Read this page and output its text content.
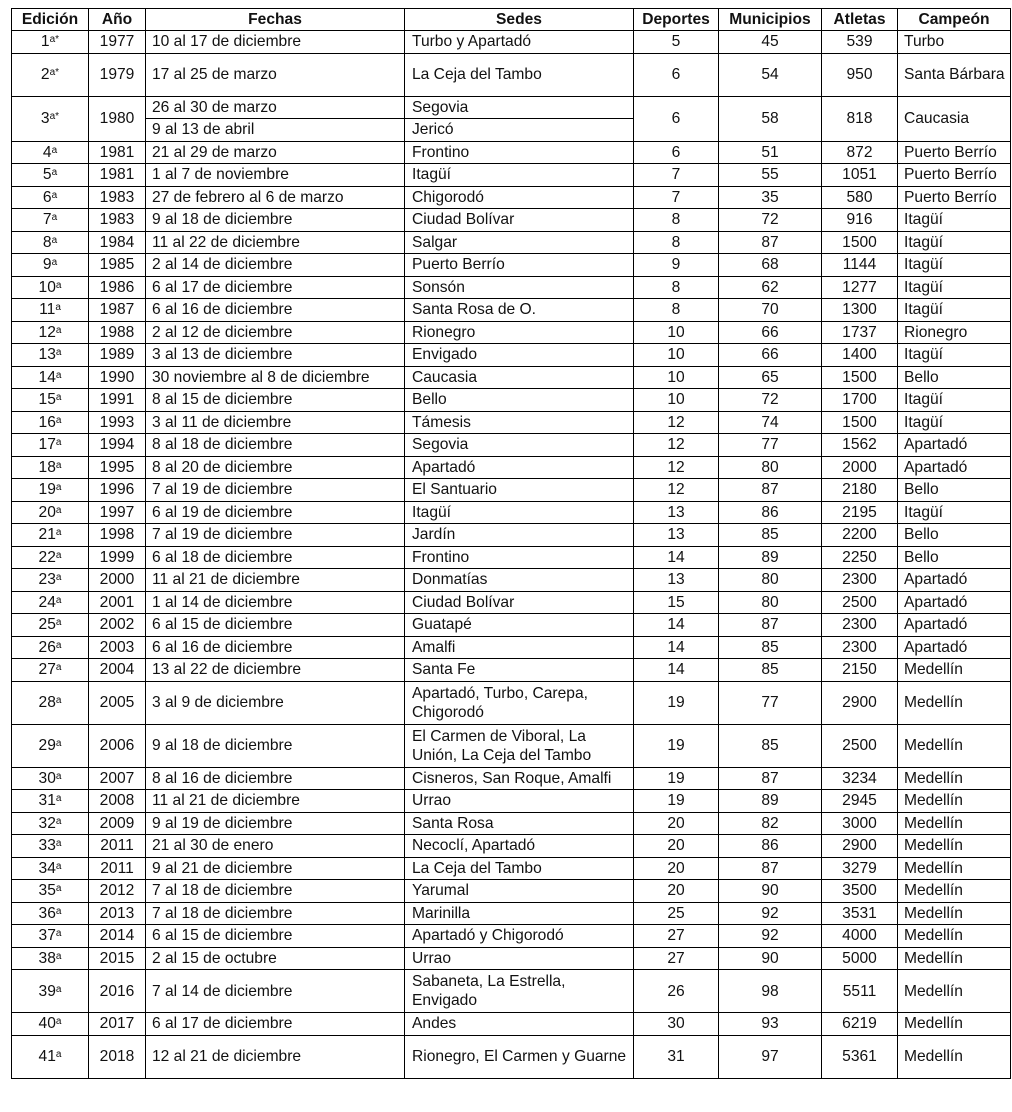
Edición	Año	Fechas	Sedes	Deportes	Municipios	Atletas	Campeón
$1^{a*}$	1977	10 al 17 de diciembre	Turbo y Apartadó	5	45	539	Turbo
$2^{a*}$	1979	17 al 25 de marzo	La Ceja del Tambo	6	54	950	Santa Bárbara
$3^{a*}$	1980	26 al 30 de marzo	Segovia	6	58	818	Caucasia
		9 al 13 de abril	Jericó				
4$^a$	1981	21 al 29 de marzo	Frontino	6	51	872	Puerto Berrío
5$^a$	1981	1 al 7 de noviembre	Itagüí	7	55	1051	Puerto Berrío
6$^a$	1983	27 de febrero al 6 de marzo	Chigorodó	7	35	580	Puerto Berrío
7$^a$	1983	9 al 18 de diciembre	Ciudad Bolívar	8	72	916	Itagüí
8$^a$	1984	11 al 22 de diciembre	Salgar	8	87	1500	Itagüí
9$^a$	1985	2 al 14 de diciembre	Puerto Berrío	9	68	1144	Itagüí
10$^a$	1986	6 al 17 de diciembre	Sonsón	8	62	1277	Itagüí
11$^a$	1987	6 al 16 de diciembre	Santa Rosa de O.	8	70	1300	Itagüí
12$^a$	1988	2 al 12 de diciembre	Rionegro	10	66	1737	Rionegro
13$^a$	1989	3 al 13 de diciembre	Envigado	10	66	1400	Itagüí
14$^a$	1990	30 noviembre al 8 de diciembre	Caucasia	10	65	1500	Bello
15$^a$	1991	8 al 15 de diciembre	Bello	10	72	1700	Itagüí
16$^a$	1993	3 al 11 de diciembre	Támesis	12	74	1500	Itagüí
17$^a$	1994	8 al 18 de diciembre	Segovia	12	77	1562	Apartadó
18$^a$	1995	8 al 20 de diciembre	Apartadó	12	80	2000	Apartadó
19$^a$	1996	7 al 19 de diciembre	El Santuario	12	87	2180	Bello
20$^a$	1997	6 al 19 de diciembre	Itagüí	13	86	2195	Itagüí
21$^a$	1998	7 al 19 de diciembre	Jardín	13	85	2200	Bello
22$^a$	1999	6 al 18 de diciembre	Frontino	14	89	2250	Bello
23$^a$	2000	11 al 21 de diciembre	Donmatías	13	80	2300	Apartadó
24$^a$	2001	1 al 14 de diciembre	Ciudad Bolívar	15	80	2500	Apartadó
25$^a$	2002	6 al 15 de diciembre	Guatapé	14	87	2300	Apartadó
26$^a$	2003	6 al 16 de diciembre	Amalfi	14	85	2300	Apartadó
27$^a$	2004	13 al 22 de diciembre	Santa Fe	14	85	2150	Medellín
28$^a$	2005	3 al 9 de diciembre	Apartadó, Turbo, Carepa, Chigorodó	19	77	2900	Medellín
29$^a$	2006	9 al 18 de diciembre	El Carmen de Viboral, La Unión, La Ceja del Tambo	19	85	2500	Medellín
30$^a$	2007	8 al 16 de diciembre	Cisneros, San Roque, Amalfi	19	87	3234	Medellín
31$^a$	2008	11 al 21 de diciembre	Urrao	19	89	2945	Medellín
32$^a$	2009	9 al 19 de diciembre	Santa Rosa	20	82	3000	Medellín
33$^a$	2011	21 al 30 de enero	Necoclí, Apartadó	20	86	2900	Medellín
34$^a$	2011	9 al 21 de diciembre	La Ceja del Tambo	20	87	3279	Medellín
35$^a$	2012	7 al 18 de diciembre	Yarumal	20	90	3500	Medellín
36$^a$	2013	7 al 18 de diciembre	Marinilla	25	92	3531	Medellín
37$^a$	2014	6 al 15 de diciembre	Apartadó y Chigorodó	27	92	4000	Medellín
38$^a$	2015	2 al 15 de octubre	Urrao	27	90	5000	Medellín
39$^a$	2016	7 al 14 de diciembre	Sabaneta, La Estrella, Envigado	26	98	5511	Medellín
40$^a$	2017	6 al 17 de diciembre	Andes	30	93	6219	Medellín
41$^a$	2018	12 al 21 de diciembre	Rionegro, El Carmen y Guarne	31	97	5361	Medellín
